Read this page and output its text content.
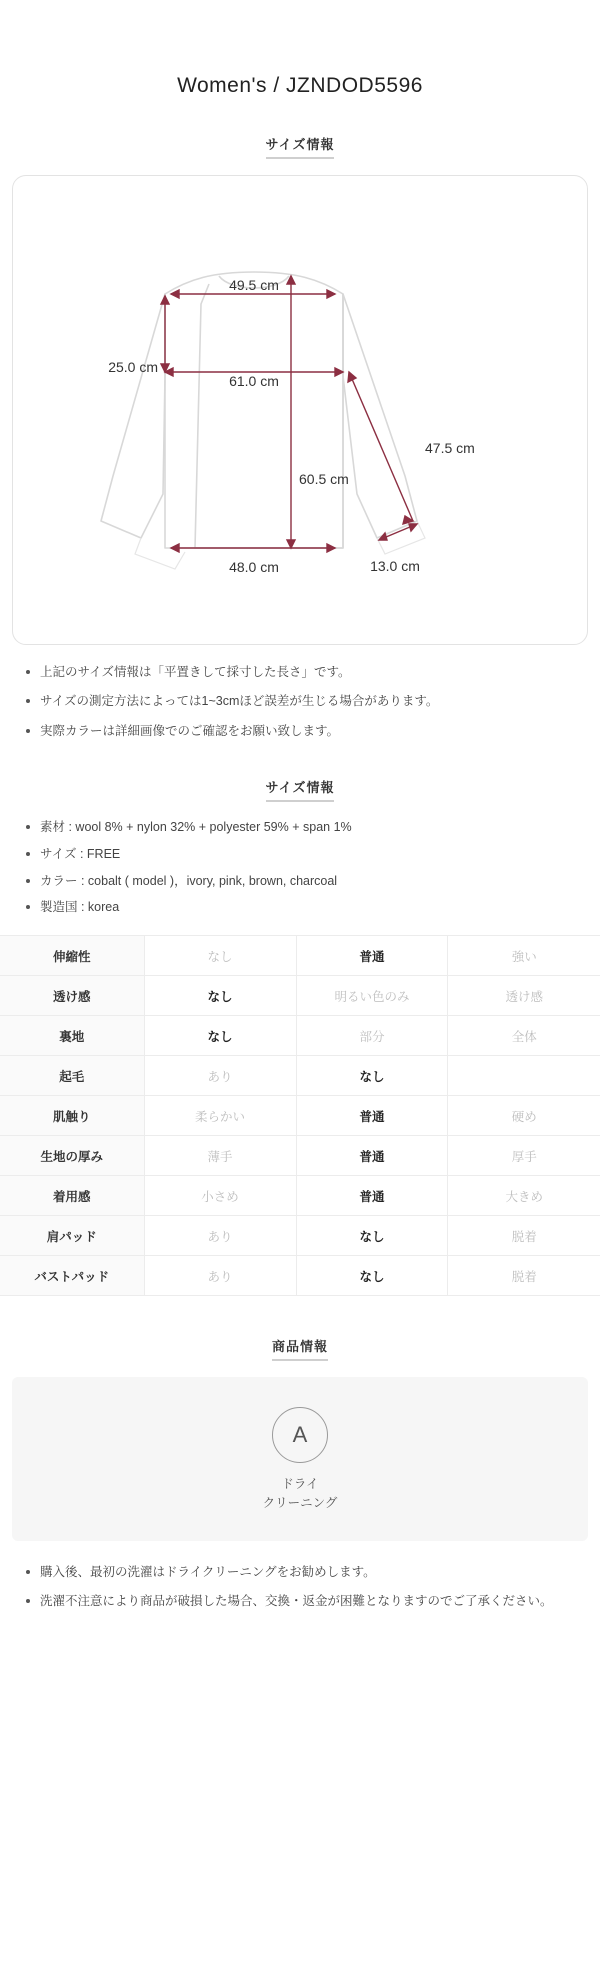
Women's / JZNDOD5596
サイズ情報
49.5 cm
25.0 cm
61.0 cm
47.5 cm
60.5 cm
13.0 cm
48.0 cm
上記のサイズ情報は「平置きして採寸した長さ」です。
サイズの測定方法によっては1~3cmほど誤差が生じる場合があります。
実際カラーは詳細画像でのご確認をお願い致します。
サイズ情報
素材 : wool 8% + nylon 32% + polyester 59% + span 1%
サイズ : FREE
カラー : cobalt ( model )，ivory, pink, brown, charcoal
製造国 : korea
伸縮性	なし	普通	強い
透け感	なし	明るい色のみ	透け感
裏地	なし	部分	全体
起毛	あり	なし	
肌触り	柔らかい	普通	硬め
生地の厚み	薄手	普通	厚手
着用感	小さめ	普通	大きめ
肩パッド	あり	なし	脱着
バストパッド	あり	なし	脱着
商品情報
A
ドライ
クリーニング
購入後、最初の洗濯はドライクリーニングをお勧めします。
洗濯不注意により商品が破損した場合、交換・返金が困難となりますのでご了承ください。
